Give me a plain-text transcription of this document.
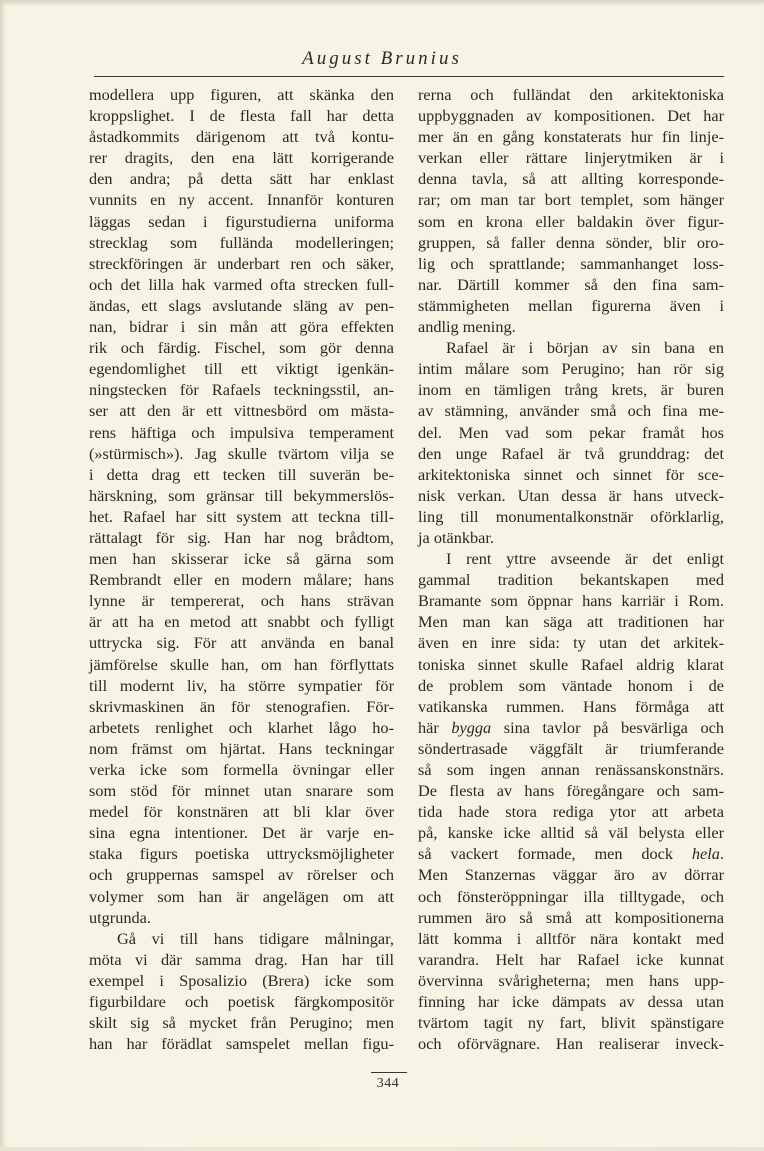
August Brunius
modellera upp figuren, att skänka den
kroppslighet. I de flesta fall har detta
åstadkommits därigenom att två kontu-
rer dragits, den ena lätt korrigerande
den andra; på detta sätt har enklast
vunnits en ny accent. Innanför konturen
läggas sedan i figurstudierna uniforma
strecklag som fullända modelleringen;
streckföringen är underbart ren och säker,
och det lilla hak varmed ofta strecken full-
ändas, ett slags avslutande släng av pen-
nan, bidrar i sin mån att göra effekten
rik och färdig. Fischel, som gör denna
egendomlighet till ett viktigt igenkän-
ningstecken för Rafaels teckningsstil, an-
ser att den är ett vittnesbörd om mästa-
rens häftiga och impulsiva temperament
(»stürmisch»). Jag skulle tvärtom vilja se
i detta drag ett tecken till suverän be-
härskning, som gränsar till bekymmerslös-
het. Rafael har sitt system att teckna till-
rättalagt för sig. Han har nog brådtom,
men han skisserar icke så gärna som
Rembrandt eller en modern målare; hans
lynne är tempererat, och hans strävan
är att ha en metod att snabbt och fylligt
uttrycka sig. För att använda en banal
jämförelse skulle han, om han förflyttats
till modernt liv, ha större sympatier för
skrivmaskinen än för stenografien. För-
arbetets renlighet och klarhet lågo ho-
nom främst om hjärtat. Hans teckningar
verka icke som formella övningar eller
som stöd för minnet utan snarare som
medel för konstnären att bli klar över
sina egna intentioner. Det är varje en-
staka figurs poetiska uttrycksmöjligheter
och gruppernas samspel av rörelser och
volymer som han är angelägen om att
utgrunda.
Gå vi till hans tidigare målningar,
möta vi där samma drag. Han har till
exempel i Sposalizio (Brera) icke som
figurbildare och poetisk färgkompositör
skilt sig så mycket från Perugino; men
han har förädlat samspelet mellan figu-
rerna och fulländat den arkitektoniska
uppbyggnaden av kompositionen. Det har
mer än en gång konstaterats hur fin linje-
verkan eller rättare linjerytmiken är i
denna tavla, så att allting korresponde-
rar; om man tar bort templet, som hänger
som en krona eller baldakin över figur-
gruppen, så faller denna sönder, blir oro-
lig och sprattlande; sammanhanget loss-
nar. Därtill kommer så den fina sam-
stämmigheten mellan figurerna även i
andlig mening.
Rafael är i början av sin bana en
intim målare som Perugino; han rör sig
inom en tämligen trång krets, är buren
av stämning, använder små och fina me-
del. Men vad som pekar framåt hos
den unge Rafael är två grunddrag: det
arkitektoniska sinnet och sinnet för sce-
nisk verkan. Utan dessa är hans utveck-
ling till monumentalkonstnär oförklarlig,
ja otänkbar.
I rent yttre avseende är det enligt
gammal tradition bekantskapen med
Bramante som öppnar hans karriär i Rom.
Men man kan säga att traditionen har
även en inre sida: ty utan det arkitek-
toniska sinnet skulle Rafael aldrig klarat
de problem som väntade honom i de
vatikanska rummen. Hans förmåga att
här bygga sina tavlor på besvärliga och
söndertrasade väggfält är triumferande
så som ingen annan renässanskonstnärs.
De flesta av hans föregångare och sam-
tida hade stora rediga ytor att arbeta
på, kanske icke alltid så väl belysta eller
så vackert formade, men dock hela.
Men Stanzernas väggar äro av dörrar
och fönsteröppningar illa tilltygade, och
rummen äro så små att kompositionerna
lätt komma i alltför nära kontakt med
varandra. Helt har Rafael icke kunnat
övervinna svårigheterna; men hans upp-
finning har icke dämpats av dessa utan
tvärtom tagit ny fart, blivit spänstigare
och oförvägnare. Han realiserar inveck-
344
